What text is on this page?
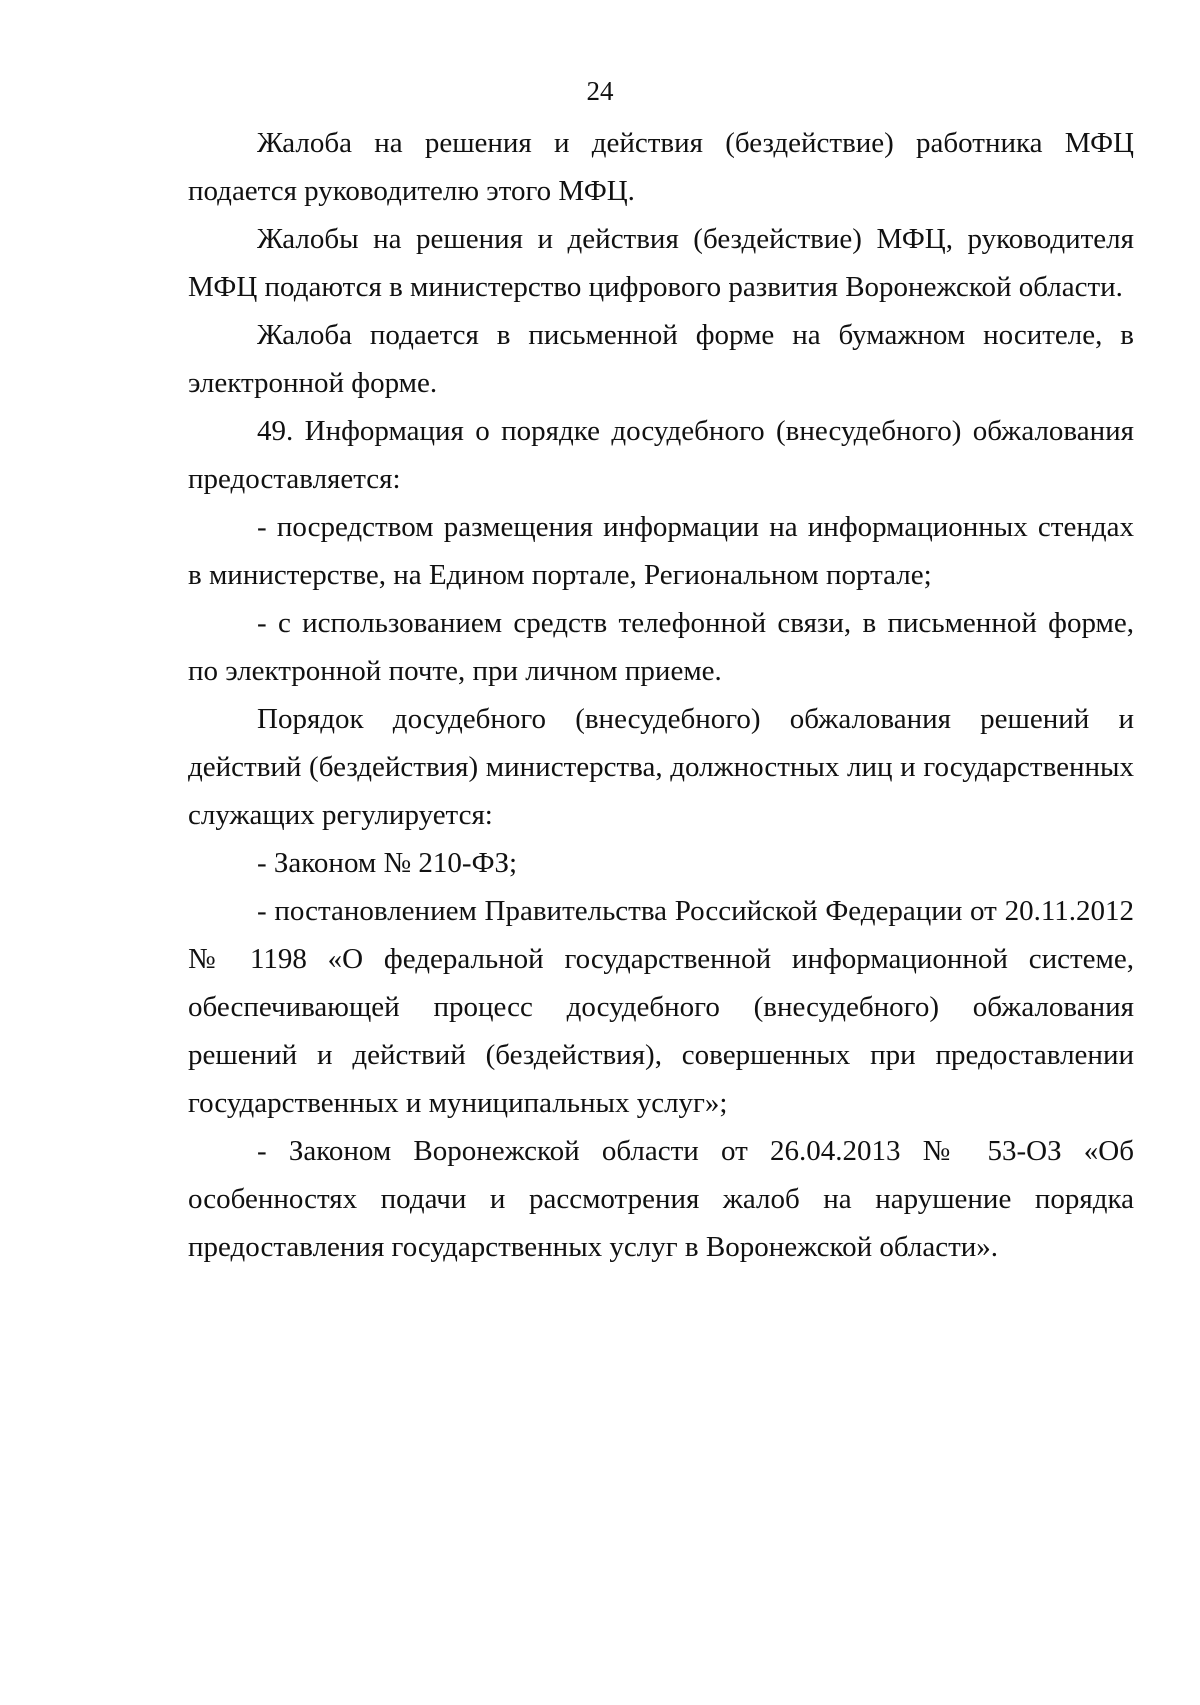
24

Жалоба на решения и действия (бездействие) работника МФЦ подается руководителю этого МФЦ.

Жалобы на решения и действия (бездействие) МФЦ, руководителя МФЦ подаются в министерство цифрового развития Воронежской области.

Жалоба подается в письменной форме на бумажном носителе, в электронной форме.

49. Информация о порядке досудебного (внесудебного) обжалования предоставляется:

- посредством размещения информации на информационных стендах в министерстве, на Едином портале, Региональном портале;

- с использованием средств телефонной связи, в письменной форме, по электронной почте, при личном приеме.

Порядок досудебного (внесудебного) обжалования решений и действий (бездействия) министерства, должностных лиц и государственных служащих регулируется:

- Законом № 210-ФЗ;

- постановлением Правительства Российской Федерации от 20.11.2012 № 1198 «О федеральной государственной информационной системе, обеспечивающей процесс досудебного (внесудебного) обжалования решений и действий (бездействия), совершенных при предоставлении государственных и муниципальных услуг»;

- Законом Воронежской области от 26.04.2013 № 53-ОЗ «Об особенностях подачи и рассмотрения жалоб на нарушение порядка предоставления государственных услуг в Воронежской области».
